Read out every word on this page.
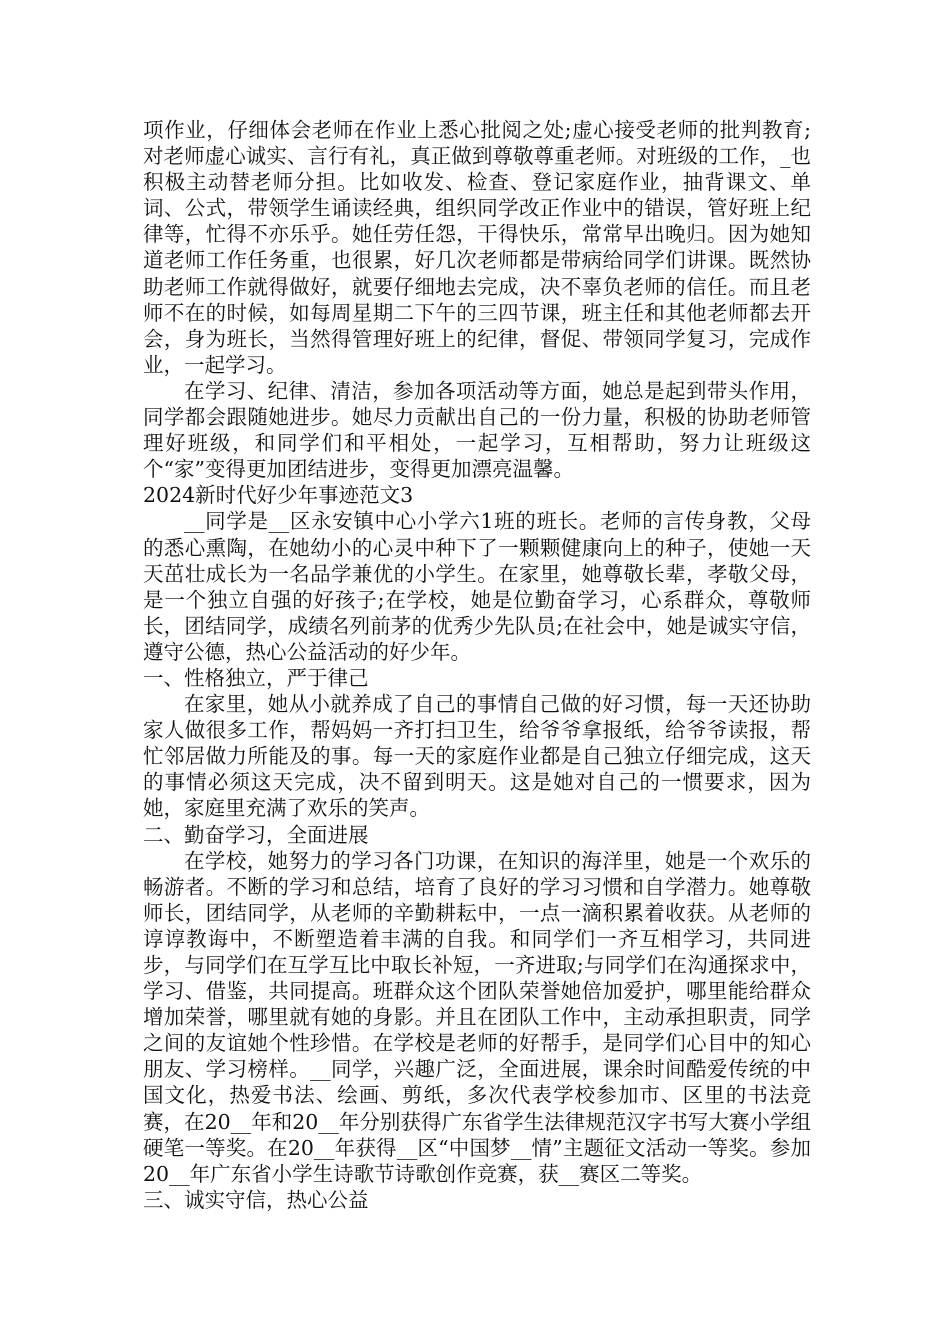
项作业，仔细体会老师在作业上悉心批阅之处;虚心接受老师的批判教育;对老师虚心诚实、言行有礼，真正做到尊敬尊重老师。对班级的工作，_也积极主动替老师分担。比如收发、检查、登记家庭作业，抽背课文、单词、公式，带领学生诵读经典，组织同学改正作业中的错误，管好班上纪律等，忙得不亦乐乎。她任劳任怨，干得快乐，常常早出晚归。因为她知道老师工作任务重，也很累，好几次老师都是带病给同学们讲课。既然协助老师工作就得做好，就要仔细地去完成，决不辜负老师的信任。而且老师不在的时候，如每周星期二下午的三四节课，班主任和其他老师都去开会，身为班长，当然得管理好班上的纪律，督促、带领同学复习，完成作业，一起学习。

在学习、纪律、清洁，参加各项活动等方面，她总是起到带头作用，同学都会跟随她进步。她尽力贡献出自己的一份力量，积极的协助老师管理好班级，和同学们和平相处，一起学习，互相帮助，努力让班级这个“家”变得更加团结进步，变得更加漂亮温馨。

2024新时代好少年事迹范文3

__同学是__区永安镇中心小学六1班的班长。老师的言传身教，父母的悉心熏陶，在她幼小的心灵中种下了一颗颗健康向上的种子，使她一天天茁壮成长为一名品学兼优的小学生。在家里，她尊敬长辈，孝敬父母，是一个独立自强的好孩子;在学校，她是位勤奋学习，心系群众，尊敬师长，团结同学，成绩名列前茅的优秀少先队员;在社会中，她是诚实守信，遵守公德，热心公益活动的好少年。

一、性格独立，严于律己

在家里，她从小就养成了自己的事情自己做的好习惯，每一天还协助家人做很多工作，帮妈妈一齐打扫卫生，给爷爷拿报纸，给爷爷读报，帮忙邻居做力所能及的事。每一天的家庭作业都是自己独立仔细完成，这天的事情必须这天完成，决不留到明天。这是她对自己的一惯要求，因为她，家庭里充满了欢乐的笑声。

二、勤奋学习，全面进展

在学校，她努力的学习各门功课，在知识的海洋里，她是一个欢乐的畅游者。不断的学习和总结，培育了良好的学习习惯和自学潜力。她尊敬师长，团结同学，从老师的辛勤耕耘中，一点一滴积累着收获。从老师的谆谆教诲中，不断塑造着丰满的自我。和同学们一齐互相学习，共同进步，与同学们在互学互比中取长补短，一齐进取;与同学们在沟通探求中，学习、借鉴，共同提高。班群众这个团队荣誉她倍加爱护，哪里能给群众增加荣誉，哪里就有她的身影。并且在团队工作中，主动承担职责，同学之间的友谊她个性珍惜。在学校是老师的好帮手，是同学们心目中的知心朋友、学习榜样。__同学，兴趣广泛，全面进展，课余时间酷爱传统的中国文化，热爱书法、绘画、剪纸，多次代表学校参加市、区里的书法竞赛，在20__年和20__年分别获得广东省学生法律规范汉字书写大赛小学组硬笔一等奖。在20__年获得__区“中国梦__情”主题征文活动一等奖。参加20__年广东省小学生诗歌节诗歌创作竞赛，获__赛区二等奖。

三、诚实守信，热心公益
